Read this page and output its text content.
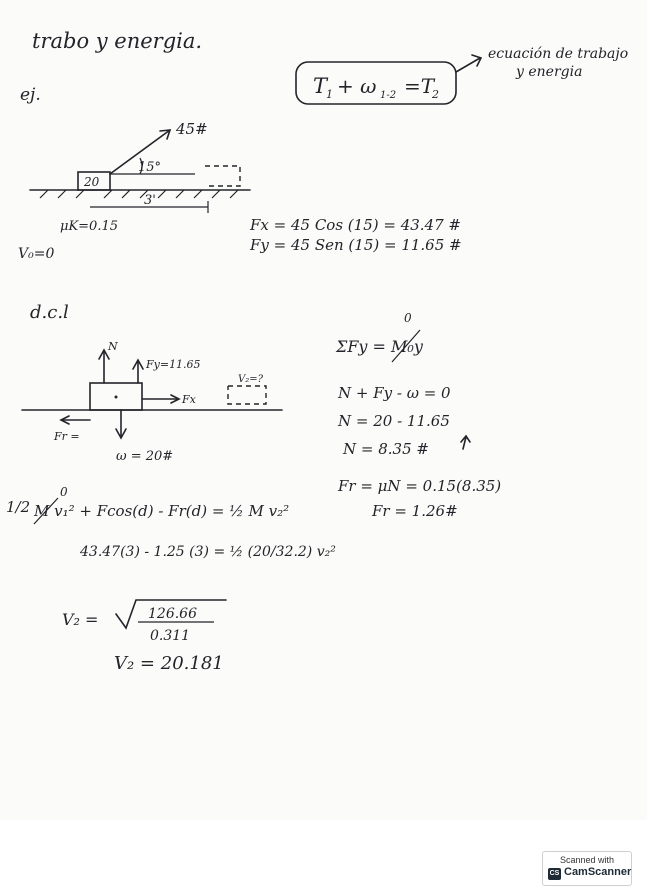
trabo y energia.
T
1 + ω 1-2 =T
2
ecuación de trabajo
y energia
ej.
20
45#
15°
3'
μK=0.15
V₀=0
Fx = 45 Cos (15) = 43.47 #
Fy = 45 Sen (15) = 11.65 #
d.c.l
N
Fy=11.65
Fx
Fr =
ω = 20#
V₂=?
0
ΣFy = M₀y
N + Fy - ω = 0
N = 20 - 11.65
N = 8.35 #
Fr = μN = 0.15(8.35)
Fr = 1.26#
0
1/2 M v₁² + Fcos(d) - Fr(d) = ½ M v₂²
43.47(3) - 1.25 (3) = ½ (20/32.2) v₂²
V₂ =	126.66
0.311
V₂ = 20.181
Scanned with
CS CamScanner
